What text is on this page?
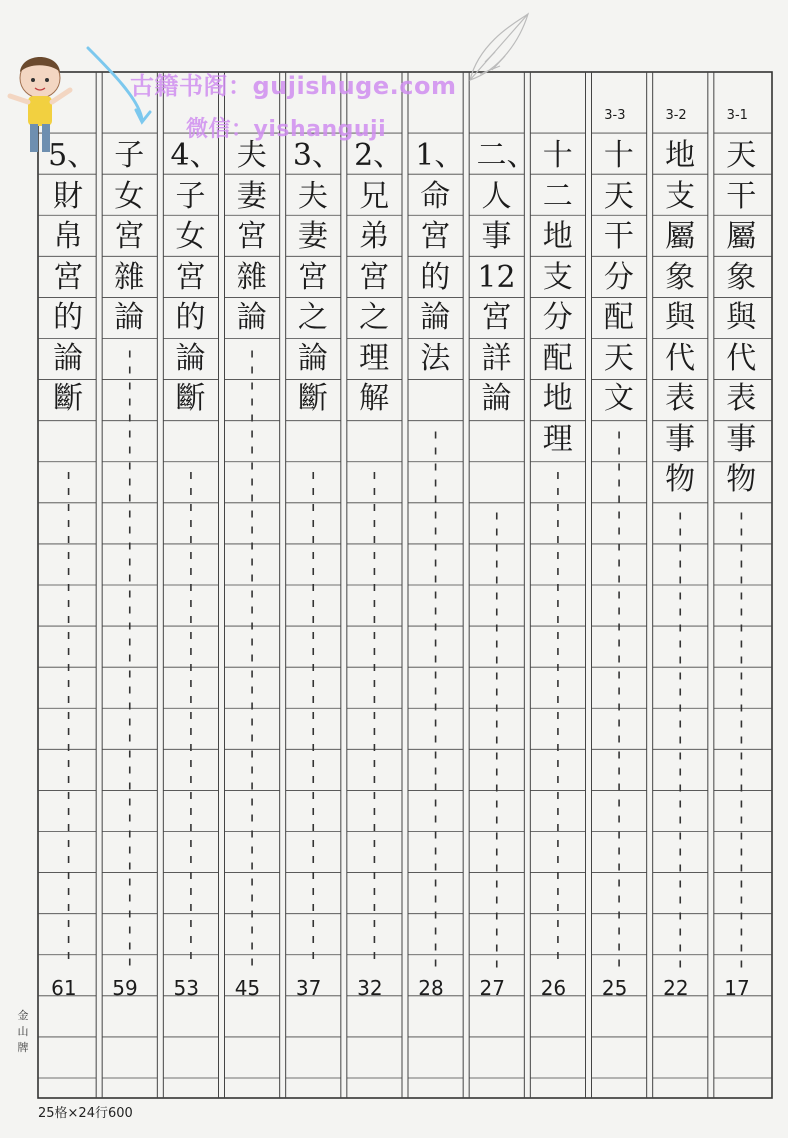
古籍书阁：gujishuge.com
微信：yishanguji
3-1
天干屬象與代表事物
17
3-2
地支屬象與代表事物
22
3-3
十天干分配天文
25
十二地支分配地理
26
二、人事12宮詳論
27
1、命宮的論法
28
2、兄弟宮之理解
32
3、夫妻宮之論斷
37
夫妻宮雜論
45
4、子女宮的論斷
53
子女宮雜論
59
5、財帛宮的論斷
61
金山牌
25格×24行600
